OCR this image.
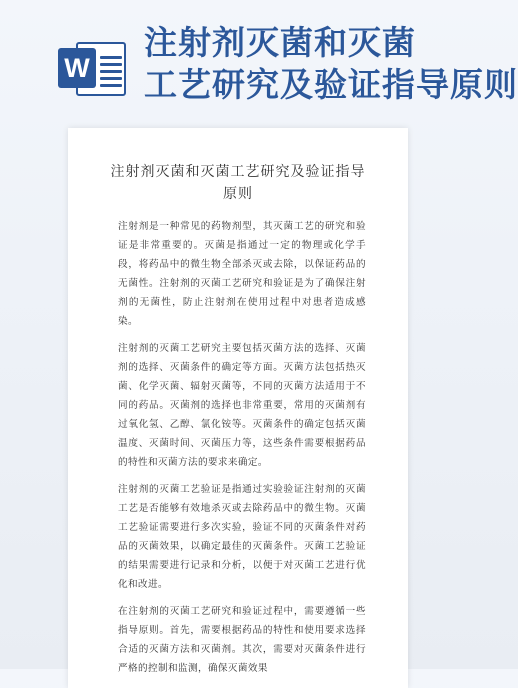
W
注射剂灭菌和灭菌
工艺研究及验证指导原则
注射剂灭菌和灭菌工艺研究及验证指导原则
注射剂是一种常见的药物剂型，其灭菌工艺的研究和验证是非常重要的。灭菌是指通过一定的物理或化学手段，将药品中的微生物全部杀灭或去除，以保证药品的无菌性。注射剂的灭菌工艺研究和验证是为了确保注射剂的无菌性，防止注射剂在使用过程中对患者造成感染。
注射剂的灭菌工艺研究主要包括灭菌方法的选择、灭菌剂的选择、灭菌条件的确定等方面。灭菌方法包括热灭菌、化学灭菌、辐射灭菌等，不同的灭菌方法适用于不同的药品。灭菌剂的选择也非常重要，常用的灭菌剂有过氧化氢、乙醇、氯化铵等。灭菌条件的确定包括灭菌温度、灭菌时间、灭菌压力等，这些条件需要根据药品的特性和灭菌方法的要求来确定。
注射剂的灭菌工艺验证是指通过实验验证注射剂的灭菌工艺是否能够有效地杀灭或去除药品中的微生物。灭菌工艺验证需要进行多次实验，验证不同的灭菌条件对药品的灭菌效果，以确定最佳的灭菌条件。灭菌工艺验证的结果需要进行记录和分析，以便于对灭菌工艺进行优化和改进。
在注射剂的灭菌工艺研究和验证过程中，需要遵循一些指导原则。首先，需要根据药品的特性和使用要求选择合适的灭菌方法和灭菌剂。其次，需要对灭菌条件进行严格的控制和监测，确保灭菌效果
